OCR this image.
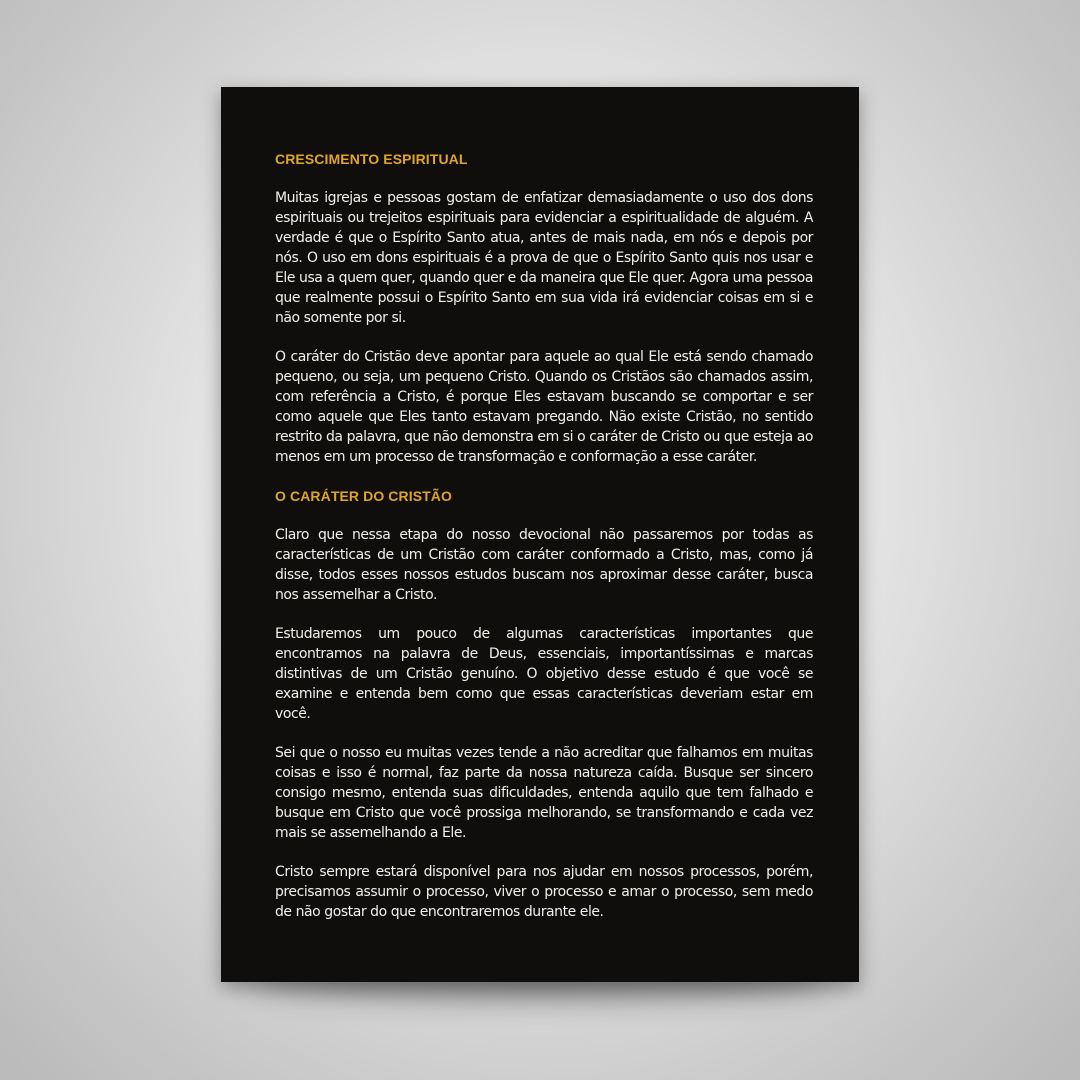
CRESCIMENTO ESPIRITUAL

Muitas igrejas e pessoas gostam de enfatizar demasiadamente o uso dos dons espirituais ou trejeitos espirituais para evidenciar a espiritualidade de alguém. A verdade é que o Espírito Santo atua, antes de mais nada, em nós e depois por nós. O uso em dons espirituais é a prova de que o Espírito Santo quis nos usar e Ele usa a quem quer, quando quer e da maneira que Ele quer. Agora uma pessoa que realmente possui o Espírito Santo em sua vida irá evidenciar coisas em si e não somente por si.

O caráter do Cristão deve apontar para aquele ao qual Ele está sendo chamado pequeno, ou seja, um pequeno Cristo. Quando os Cristãos são chamados assim, com referência a Cristo, é porque Eles estavam buscando se comportar e ser como aquele que Eles tanto estavam pregando. Não existe Cristão, no sentido restrito da palavra, que não demonstra em si o caráter de Cristo ou que esteja ao menos em um processo de transformação e conformação a esse caráter.

O CARÁTER DO CRISTÃO

Claro que nessa etapa do nosso devocional não passaremos por todas as características de um Cristão com caráter conformado a Cristo, mas, como já disse, todos esses nossos estudos buscam nos aproximar desse caráter, busca nos assemelhar a Cristo.

Estudaremos um pouco de algumas características importantes que encontramos na palavra de Deus, essenciais, importantíssimas e marcas distintivas de um Cristão genuíno. O objetivo desse estudo é que você se examine e entenda bem como que essas características deveriam estar em você.

Sei que o nosso eu muitas vezes tende a não acreditar que falhamos em muitas coisas e isso é normal, faz parte da nossa natureza caída. Busque ser sincero consigo mesmo, entenda suas dificuldades, entenda aquilo que tem falhado e busque em Cristo que você prossiga melhorando, se transformando e cada vez mais se assemelhando a Ele.

Cristo sempre estará disponível para nos ajudar em nossos processos, porém, precisamos assumir o processo, viver o processo e amar o processo, sem medo de não gostar do que encontraremos durante ele.
